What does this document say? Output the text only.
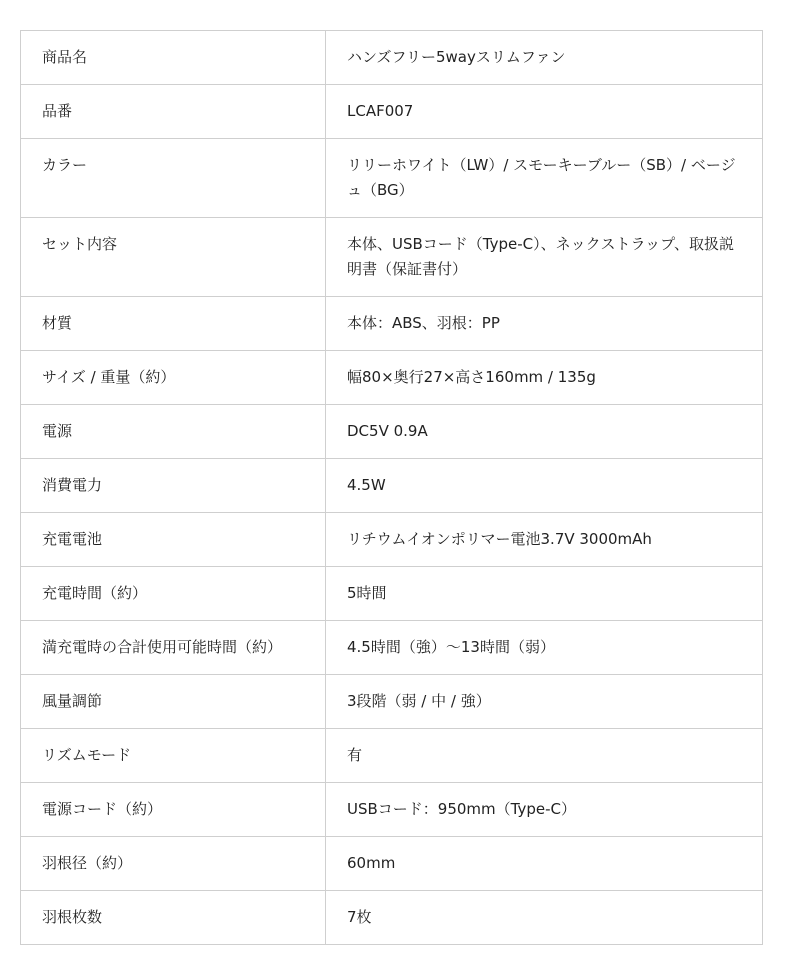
商品名	ハンズフリー5wayスリムファン

品番	LCAF007

カラー	リリーホワイト（LW）/ スモーキーブルー（SB）/ ベージュ（BG）

セット内容	本体、USBコード（Type-C）、ネックストラップ、取扱説明書（保証書付）

材質	本体：ABS、羽根：PP

サイズ / 重量（約）	幅80×奥行27×高さ160mm / 135g

電源	DC5V 0.9A

消費電力	4.5W

充電電池	リチウムイオンポリマー電池3.7V 3000mAh

充電時間（約）	5時間

満充電時の合計使用可能時間（約）	4.5時間（強）〜13時間（弱）

風量調節	3段階（弱 / 中 / 強）

リズムモード	有

電源コード（約）	USBコード：950mm（Type-C）

羽根径（約）	60mm

羽根枚数	7枚
